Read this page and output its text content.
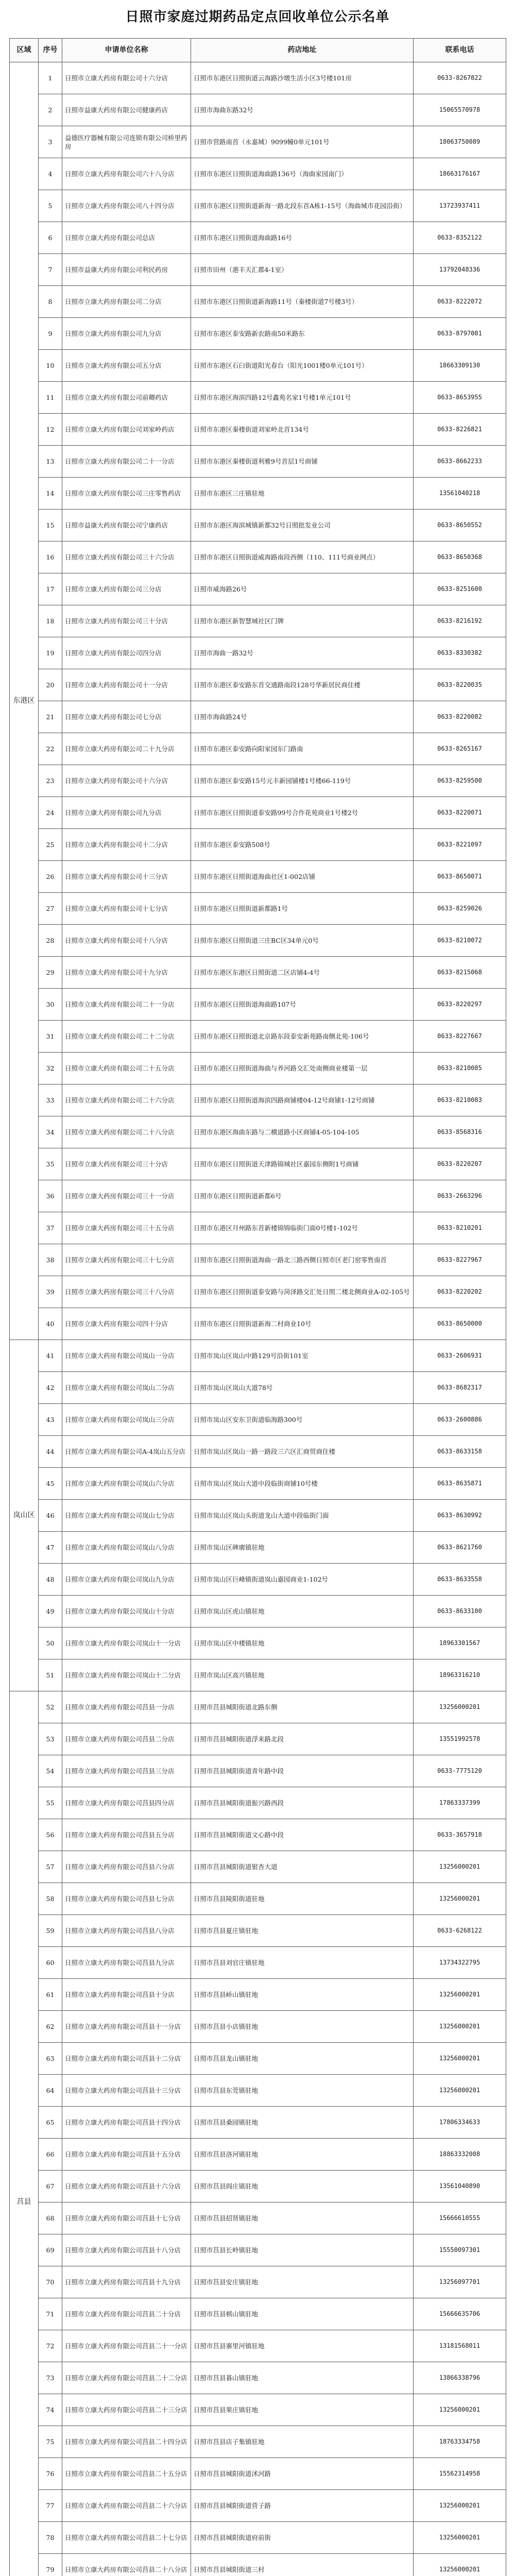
日照市家庭过期药品定点回收单位公示名单
区域	序号	申请单位名称	药店地址	联系电话
东港区	1	日照市立康大药房有限公司十六分店	日照市东港区日照街道云海路沙墩生活小区3号楼101房	0633-8267822
	2	日照市益康大药房有限公司健康药店	日照市海曲东路32号	15065570978
	3	益德医疗器械有限公司连锁有限公司桥里药房	日照市营路南首（永嘉城）9099幢0单元101号	18063750089
	4	日照市立康大药房有限公司六十八分店	日照市东港区日照街道海曲路136号（海曲家园南门）	18663176167
	5	日照市立康大药房有限公司八十四分店	日照市东港区日照街道新海一路北段东首A栋1-15号（海曲城市花园沿街）	13723937411
	6	日照市立康大药房有限公司总店	日照市东港区日照街道海曲路16号	0633-8352122
	7	日照市益康大药房有限公司利民药房	日照市田州（港丰天汇郡4-1室）	13792048336
	8	日照市立康大药房有限公司二分店	日照市东港区日照街道新海路11号（秦楼街道7号楼3号）	0633-8222072
	9	日照市立康大药房有限公司九分店	日照市东港区泰安路新农路南50米路东	0633-8797001
	10	日照市立康大药房有限公司五分店	日照市东港区石臼街道阳光春台（阳光1001楼0单元101号）	18663309130
	11	日照市立康大药房有限公司前卿药店	日照市东港区海滨四路12号鑫苑名家1号楼1单元101号	0633-8653955
	12	日照市立康大药房有限公司刘家岭药店	日照市东港区秦楼街道刘家岭北首134号	0633-8226821
	13	日照市立康大药房有限公司二十一分店	日照市东港区秦楼街道利雅9号首层1号商铺	0633-8662233
	14	日照市立康大药房有限公司三庄零售药店	日照市东港区三庄镇驻地	13561040218
	15	日照市益康大药房有限公司宁康药店	日照市东港区海滨城镇新都32号日照批发业公司	0633-8650552
	16	日照市立康大药房有限公司三十六分店	日照市东港区日照街道威海路南段西侧（110、111号商业网点）	0633-8650368
	17	日照市立康大药房有限公司三分店	日照市威海路26号	0633-8251600
	18	日照市立康大药房有限公司三十分店	日照市东港区新智慧城社区门牌	0633-8216192
	19	日照市立康大药房有限公司四分店	日照市海曲一路32号	0633-8330382
	20	日照市立康大药房有限公司十一分店	日照市东港区泰安路东首交通路南段128号华新居民商住楼	0633-8220035
	21	日照市立康大药房有限公司七分店	日照市海曲路24号	0633-8220082
	22	日照市立康大药房有限公司二十九分店	日照市东港区泰安路向阳家园东门路南	0633-8265167
	23	日照市立康大药房有限公司十六分店	日照市东港区泰安路15号元丰新园铺楼1号楼66-119号	0633-8259500
	24	日照市立康大药房有限公司九分店	日照市东港区日照街道泰安路99号合作花苑商业1号楼2号	0633-8220071
	25	日照市立康大药房有限公司十二分店	日照市东港区泰安路508号	0633-8221097
	26	日照市立康大药房有限公司十三分店	日照市东港区日照街道海曲社区1-002店铺	0633-8650071
	27	日照市立康大药房有限公司十七分店	日照市东港区日照街道新都路1号	0633-8259026
	28	日照市立康大药房有限公司十八分店	日照市东港区日照街道三庄BC区34单元0号	0633-8210072
	29	日照市立康大药房有限公司十九分店	日照市东港区东港区日照街道二区店铺4-4号	0633-8215068
	30	日照市立康大药房有限公司二十一分店	日照市东港区日照街道海曲路107号	0633-8220297
	31	日照市立康大药房有限公司二十二分店	日照市东港区日照街道北京路东段泰安新苑路南侧北苑-106号	0633-8227667
	32	日照市立康大药房有限公司二十五分店	日照市东港区日照街道海曲与养河路交汇处南侧商业楼第一层	0633-8210085
	33	日照市立康大药房有限公司二十六分店	日照市东港区日照街道海滨四路商铺楼04-12号商铺1-12号商铺	0633-8210083
	34	日照市立康大药房有限公司二十八分店	日照市东港区海曲东路与二横道路小区商铺4-05-104-105	0633-8568316
	35	日照市立康大药房有限公司三十分店	日照市东港区日照街道天津路锦城社区嘉园东侧附1号商铺	0633-8220207
	36	日照市立康大药房有限公司三十一分店	日照市东港区日照街道新都6号	0633-2663296
	37	日照市立康大药房有限公司三十五分店	日照市东港区月州路东首新楼锦锦临街门面0号楼1-102号	0633-8210201
	38	日照市立康大药房有限公司三十七分店	日照市东港区日照街道海曲一路北三路西侧日照市区老门窑零售南首	0633-8227967
	39	日照市立康大药房有限公司三十八分店	日照市东港区日照街道泰安路与菏泽路交汇处日照二楼北侧商业A-02-105号	0633-8220202
	40	日照市立康大药房有限公司四十分店	日照市东港区日照街道新海二村商业10号	0633-8650000
岚山区	41	日照市立康大药房有限公司岚山一分店	日照市岚山区岚山中路129号沿街101室	0633-2606931
	42	日照市立康大药房有限公司岚山二分店	日照市岚山区岚山大道78号	0633-8682317
	43	日照市立康大药房有限公司岚山三分店	日照市岚山区安东卫街道临海路300号	0633-2600886
	44	日照市立康大药房有限公司A-4岚山五分店	日照市岚山区岚山一路一路段三六区汇商贸商住楼	0633-8633158
	45	日照市立康大药房有限公司岚山六分店	日照市岚山区岚山大道中段临街商铺10号楼	0633-8635871
	46	日照市立康大药房有限公司岚山七分店	日照市岚山区岚山头街道龙山大道中段临街门面	0633-8630992
	47	日照市立康大药房有限公司岚山八分店	日照市岚山区碑廓镇驻地	0633-8621760
	48	日照市立康大药房有限公司岚山九分店	日照市岚山区巨峰镇街道岚山嘉园商业1-102号	0633-8633558
	49	日照市立康大药房有限公司岚山十分店	日照市岚山区虎山镇驻地	0633-8633100
	50	日照市立康大药房有限公司岚山十一分店	日照市岚山区中楼镇驻地	18963301567
	51	日照市立康大药房有限公司岚山十二分店	日照市岚山区高兴镇驻地	18963316210
莒县	52	日照市立康大药房有限公司莒县一分店	日照市莒县城阳街道北路东侧	13256000201
	53	日照市立康大药房有限公司莒县二分店	日照市莒县城阳街道浮来路北段	13551992578
	54	日照市立康大药房有限公司莒县三分店	日照市莒县城阳街道青年路中段	0633-7775120
	55	日照市立康大药房有限公司莒县四分店	日照市莒县城阳街道振兴路西段	17863337399
	56	日照市立康大药房有限公司莒县五分店	日照市莒县城阳街道文心路中段	0633-3657918
	57	日照市立康大药房有限公司莒县六分店	日照市莒县城阳街道银杏大道	13256000201
	58	日照市立康大药房有限公司莒县七分店	日照市莒县陵阳街道驻地	13256000201
	59	日照市立康大药房有限公司莒县八分店	日照市莒县夏庄镇驻地	0633-6268122
	60	日照市立康大药房有限公司莒县九分店	日照市莒县刘官庄镇驻地	13734322795
	61	日照市立康大药房有限公司莒县十分店	日照市莒县峤山镇驻地	13256000201
	62	日照市立康大药房有限公司莒县十一分店	日照市莒县小店镇驻地	13256000201
	63	日照市立康大药房有限公司莒县十二分店	日照市莒县龙山镇驻地	13256000201
	64	日照市立康大药房有限公司莒县十三分店	日照市莒县东莞镇驻地	13256000201
	65	日照市立康大药房有限公司莒县十四分店	日照市莒县桑园镇驻地	17806334633
	66	日照市立康大药房有限公司莒县十五分店	日照市莒县洛河镇驻地	18863332008
	67	日照市立康大药房有限公司莒县十六分店	日照市莒县阎庄镇驻地	13561040890
	68	日照市立康大药房有限公司莒县十七分店	日照市莒县招贤镇驻地	15666610555
	69	日照市立康大药房有限公司莒县十八分店	日照市莒县长岭镇驻地	15550097301
	70	日照市立康大药房有限公司莒县十九分店	日照市莒县安庄镇驻地	13256097701
	71	日照市立康大药房有限公司莒县二十分店	日照市莒县棋山镇驻地	15666635706
	72	日照市立康大药房有限公司莒县二十一分店	日照市莒县寨里河镇驻地	13181568011
	73	日照市立康大药房有限公司莒县二十二分店	日照市莒县碁山镇驻地	13866338796
	74	日照市立康大药房有限公司莒县二十三分店	日照市莒县果庄镇驻地	13256000201
	75	日照市立康大药房有限公司莒县二十四分店	日照市莒县店子集镇驻地	18763334758
	76	日照市立康大药房有限公司莒县二十五分店	日照市莒县城阳街道沭河路	15562314958
	77	日照市立康大药房有限公司莒县二十六分店	日照市莒县城阳街道营子路	13256000201
	78	日照市立康大药房有限公司莒县二十七分店	日照市莒县城阳街道府前街	13256000201
	79	日照市立康大药房有限公司莒县二十八分店	日照市莒县城阳街道三村	13256000201
